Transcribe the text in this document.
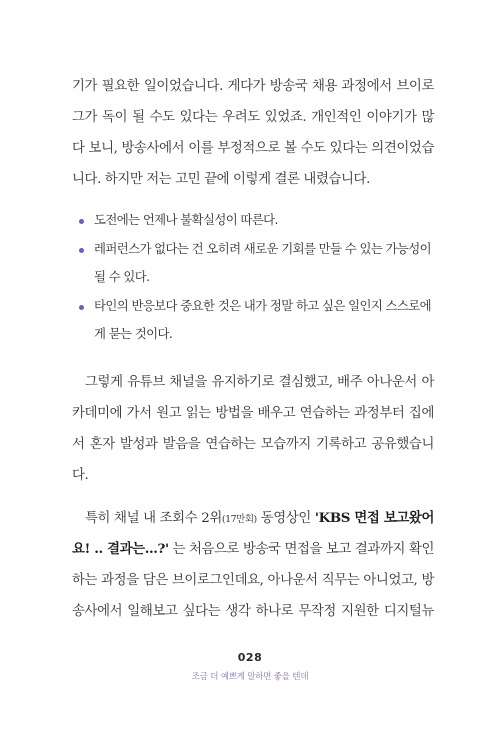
기가 필요한 일이었습니다. 게다가 방송국 채용 과정에서 브이로
그가 독이 될 수도 있다는 우려도 있었죠. 개인적인 이야기가 많
다 보니, 방송사에서 이를 부정적으로 볼 수도 있다는 의견이었습
니다. 하지만 저는 고민 끝에 이렇게 결론 내렸습니다.
도전에는 언제나 불확실성이 따른다.
레퍼런스가 없다는 건 오히려 새로운 기회를 만들 수 있는 가능성이
될 수 있다.
타인의 반응보다 중요한 것은 내가 정말 하고 싶은 일인지 스스로에
게 묻는 것이다.
그렇게 유튜브 채널을 유지하기로 결심했고, 배주 아나운서 아
카데미에 가서 원고 읽는 방법을 배우고 연습하는 과정부터 집에
서 혼자 발성과 발음을 연습하는 모습까지 기록하고 공유했습니
다.
특히 채널 내 조회수 2위(17만회) 동영상인 'KBS 면접 보고왔어
요! .. 결과는...?' 는 처음으로 방송국 면접을 보고 결과까지 확인
하는 과정을 담은 브이로그인데요, 아나운서 직무는 아니었고, 방
송사에서 일해보고 싶다는 생각 하나로 무작정 지원한 디지털뉴
028
조금 더 예쁘게 말하면 좋을 텐데
